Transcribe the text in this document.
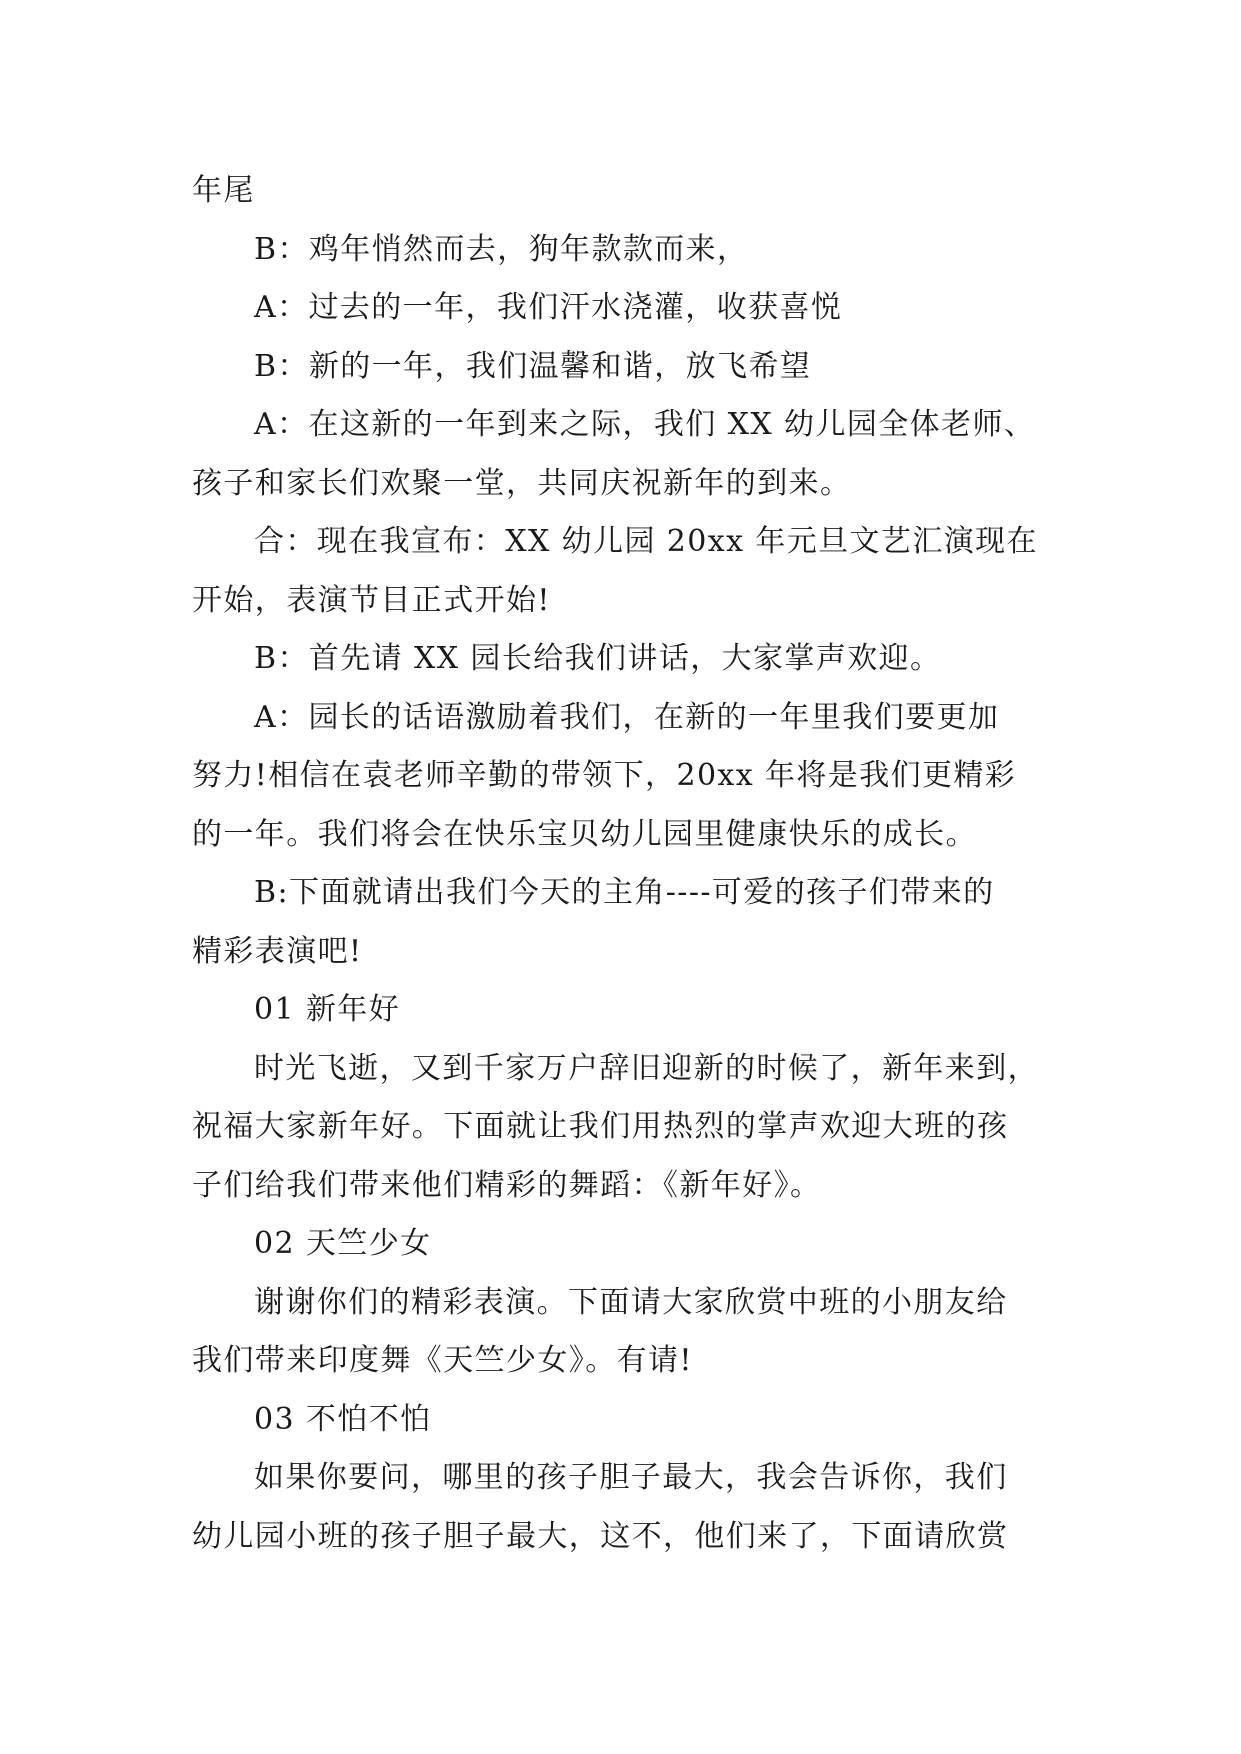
年尾

B：鸡年悄然而去，狗年款款而来，

A：过去的一年，我们汗水浇灌，收获喜悦

B：新的一年，我们温馨和谐，放飞希望

A：在这新的一年到来之际，我们 XX 幼儿园全体老师、
孩子和家长们欢聚一堂，共同庆祝新年的到来。

合：现在我宣布：XX 幼儿园 20xx 年元旦文艺汇演现在
开始，表演节目正式开始!

B：首先请 XX 园长给我们讲话，大家掌声欢迎。

A：园长的话语激励着我们，在新的一年里我们要更加
努力!相信在袁老师辛勤的带领下，20xx 年将是我们更精彩
的一年。我们将会在快乐宝贝幼儿园里健康快乐的成长。

B:下面就请出我们今天的主角----可爱的孩子们带来的
精彩表演吧!

01 新年好

时光飞逝，又到千家万户辞旧迎新的时候了，新年来到，
祝福大家新年好。下面就让我们用热烈的掌声欢迎大班的孩
子们给我们带来他们精彩的舞蹈：《新年好》。

02 天竺少女

谢谢你们的精彩表演。下面请大家欣赏中班的小朋友给
我们带来印度舞《天竺少女》。有请!

03 不怕不怕

如果你要问，哪里的孩子胆子最大，我会告诉你，我们
幼儿园小班的孩子胆子最大，这不，他们来了，下面请欣赏
